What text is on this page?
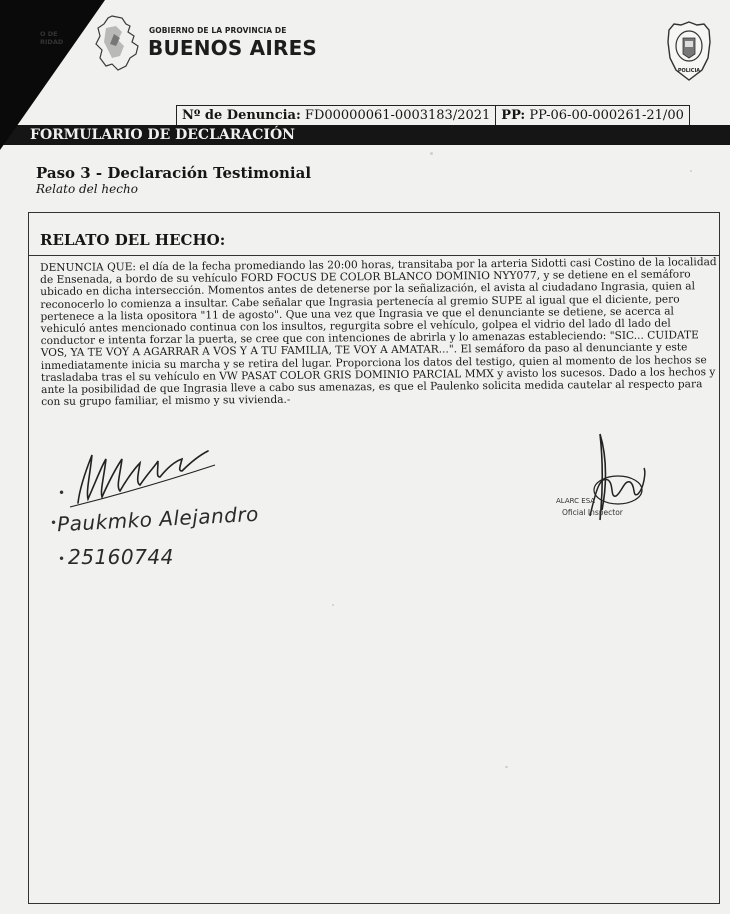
O DE
RIDAD
GOBIERNO DE LA PROVINCIA DE
BUENOS AIRES
POLICIA
Nº de Denuncia: FD00000061-0003183/2021 PP: PP-06-00-000261-21/00
FORMULARIO DE DECLARACIÓN
Paso 3 - Declaración Testimonial
Relato del hecho
RELATO DEL HECHO:
DENUNCIA QUE: el día de la fecha promediando las 20:00 horas, transitaba por la arteria Sidotti casi Costino de la localidad de Ensenada, a bordo de su vehículo FORD FOCUS DE COLOR BLANCO DOMINIO NYY077, y se detiene en el semáforo ubicado en dicha intersección. Momentos antes de detenerse por la señalización, el avista al ciudadano Ingrasia, quien al reconocerlo lo comienza a insultar. Cabe señalar que Ingrasia pertenecía al gremio SUPE al igual que el diciente, pero pertenece a la lista opositora "11 de agosto". Que una vez que Ingrasia ve que el denunciante se detiene, se acerca al vehiculó antes mencionado continua con los insultos, regurgita sobre el vehículo, golpea el vidrio del lado dl lado del conductor e intenta forzar la puerta, se cree que con intenciones de abrirla y lo amenazas estableciendo: "SIC... CUIDATE VOS, YA TE VOY A AGARRAR A VOS Y A TU FAMILIA, TE VOY A AMATAR...". El semáforo da paso al denunciante y este inmediatamente inicia su marcha y se retira del lugar. Proporciona los datos del testigo, quien al momento de los hechos se trasladaba tras el su vehículo en VW PASAT COLOR GRIS DOMINIO PARCIAL MMX y avisto los sucesos. Dado a los hechos y ante la posibilidad de que Ingrasia lleve a cabo sus amenazas, es que el Paulenko solicita medida cautelar al respecto para con su grupo familiar, el mismo y su vivienda.-
•
•
•
Paukmko Alejandro
25160744
ALARC ESA
Oficial Inspector
